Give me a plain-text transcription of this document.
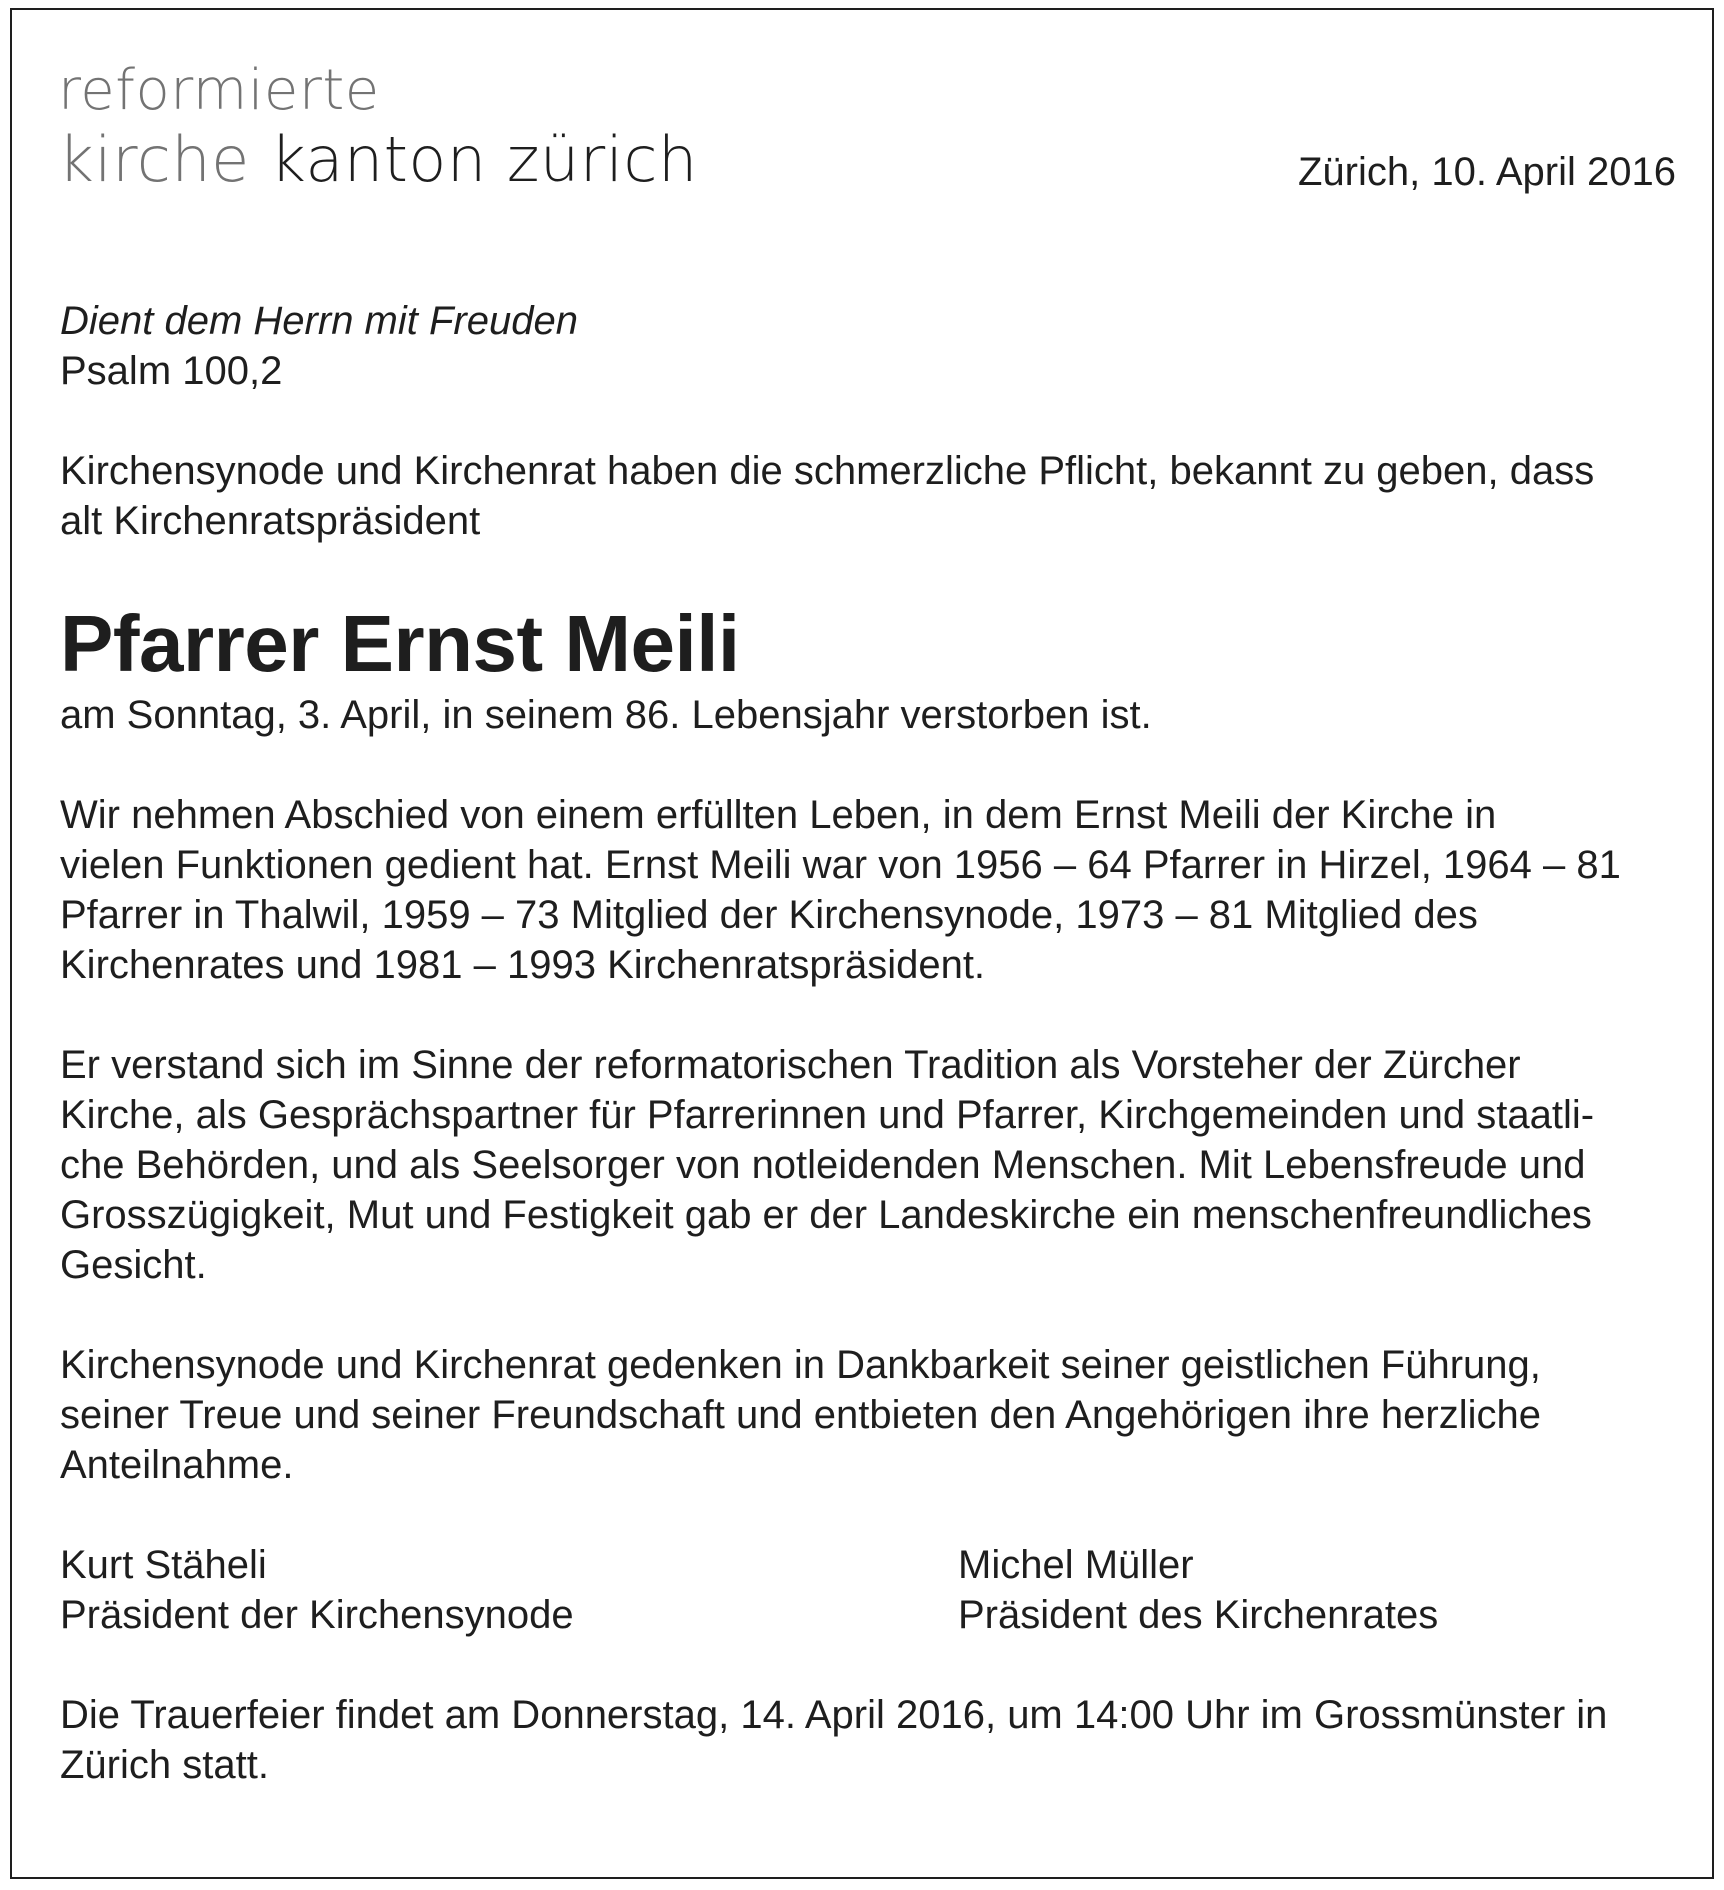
reformierte
kirche kanton zürich	Zürich, 10. April 2016

Dient dem Herrn mit Freuden

Psalm 100,2

Kirchensynode und Kirchenrat haben die schmerzliche Pflicht, bekannt zu geben, dass

alt Kirchenratspräsident

Pfarrer Ernst Meili

am Sonntag, 3. April, in seinem 86. Lebensjahr verstorben ist.

Wir nehmen Abschied von einem erfüllten Leben, in dem Ernst Meili der Kirche in

vielen Funktionen gedient hat. Ernst Meili war von 1956 – 64 Pfarrer in Hirzel, 1964 – 81

Pfarrer in Thalwil, 1959 – 73 Mitglied der Kirchensynode, 1973 – 81 Mitglied des

Kirchenrates und 1981 – 1993 Kirchenratspräsident.

Er verstand sich im Sinne der reformatorischen Tradition als Vorsteher der Zürcher

Kirche, als Gesprächspartner für Pfarrerinnen und Pfarrer, Kirchgemeinden und staatli-

che Behörden, und als Seelsorger von notleidenden Menschen. Mit Lebensfreude und

Grosszügigkeit, Mut und Festigkeit gab er der Landeskirche ein menschenfreundliches

Gesicht.

Kirchensynode und Kirchenrat gedenken in Dankbarkeit seiner geistlichen Führung,

seiner Treue und seiner Freundschaft und entbieten den Angehörigen ihre herzliche

Anteilnahme.

Kurt Stäheli

Präsident der Kirchensynode

Michel Müller

Präsident des Kirchenrates

Die Trauerfeier findet am Donnerstag, 14. April 2016, um 14:00 Uhr im Grossmünster in

Zürich statt.
